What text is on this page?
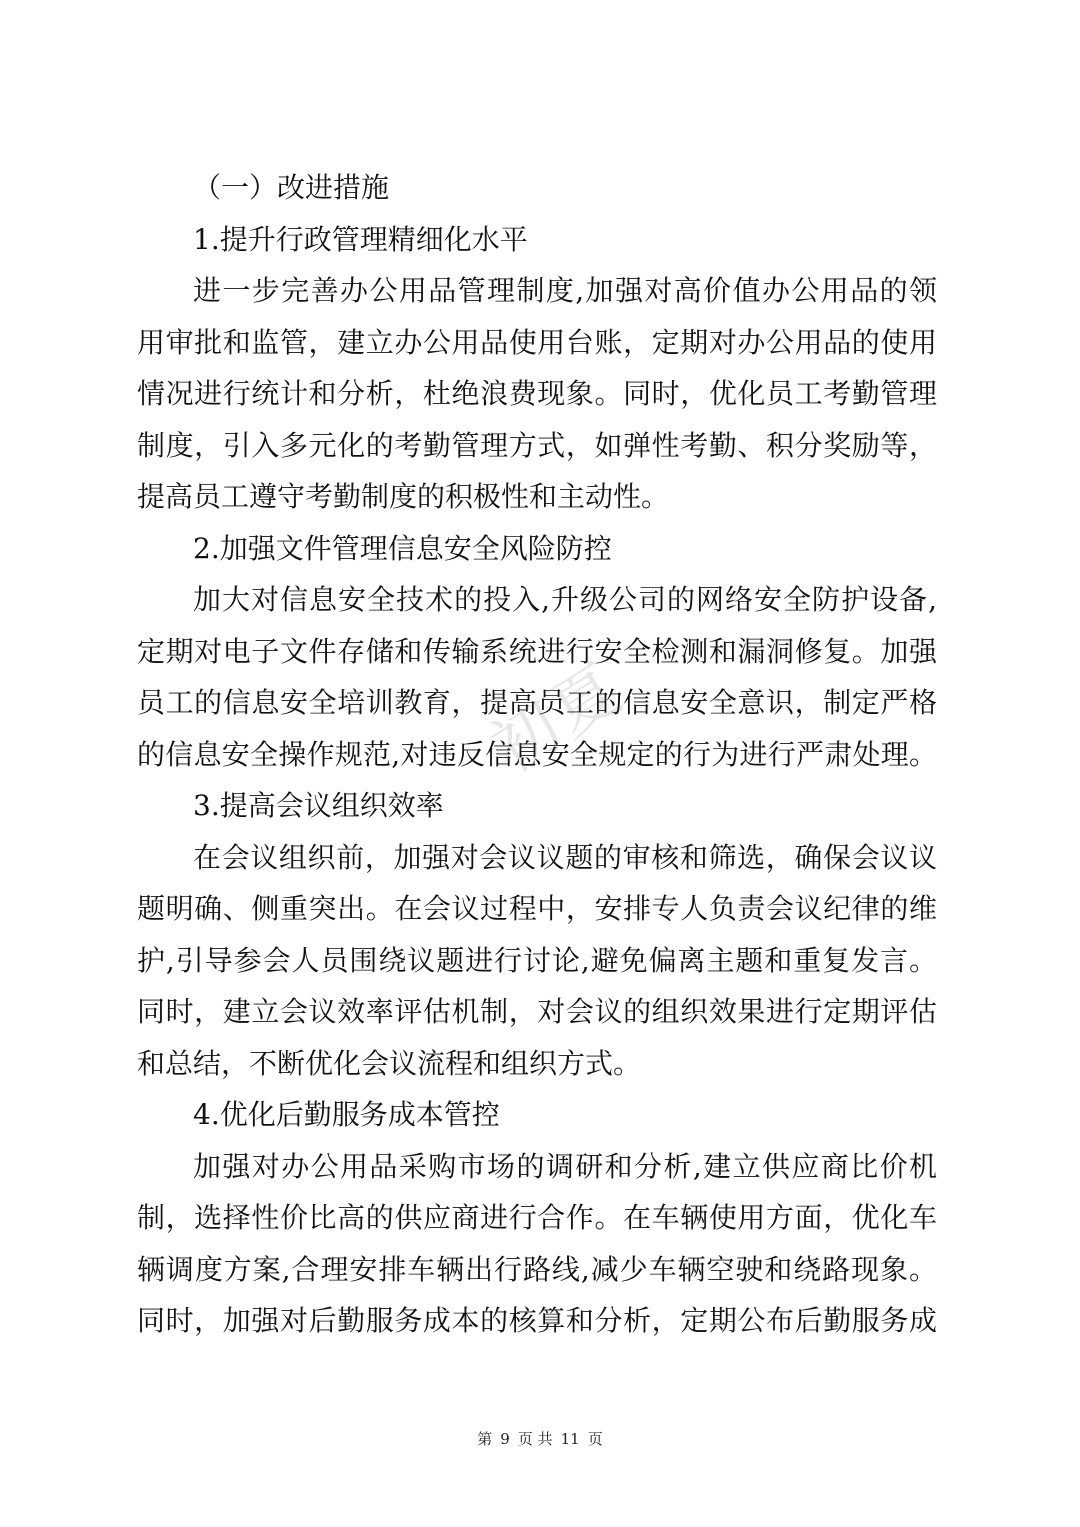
（一）改进措施
1.提升行政管理精细化水平
进一步完善办公用品管理制度,加强对高价值办公用品的领
用审批和监管，建立办公用品使用台账，定期对办公用品的使用
情况进行统计和分析，杜绝浪费现象。同时，优化员工考勤管理
制度，引入多元化的考勤管理方式，如弹性考勤、积分奖励等，
提高员工遵守考勤制度的积极性和主动性。
2.加强文件管理信息安全风险防控
加大对信息安全技术的投入,升级公司的网络安全防护设备,
定期对电子文件存储和传输系统进行安全检测和漏洞修复。加强
员工的信息安全培训教育，提高员工的信息安全意识，制定严格
的信息安全操作规范,对违反信息安全规定的行为进行严肃处理。
3.提高会议组织效率
在会议组织前，加强对会议议题的审核和筛选，确保会议议
题明确、侧重突出。在会议过程中，安排专人负责会议纪律的维
护,引导参会人员围绕议题进行讨论,避免偏离主题和重复发言。
同时，建立会议效率评估机制，对会议的组织效果进行定期评估
和总结，不断优化会议流程和组织方式。
4.优化后勤服务成本管控
加强对办公用品采购市场的调研和分析,建立供应商比价机
制，选择性价比高的供应商进行合作。在车辆使用方面，优化车
辆调度方案,合理安排车辆出行路线,减少车辆空驶和绕路现象。
同时，加强对后勤服务成本的核算和分析，定期公布后勤服务成
初夏
第 9 页 共 11 页
